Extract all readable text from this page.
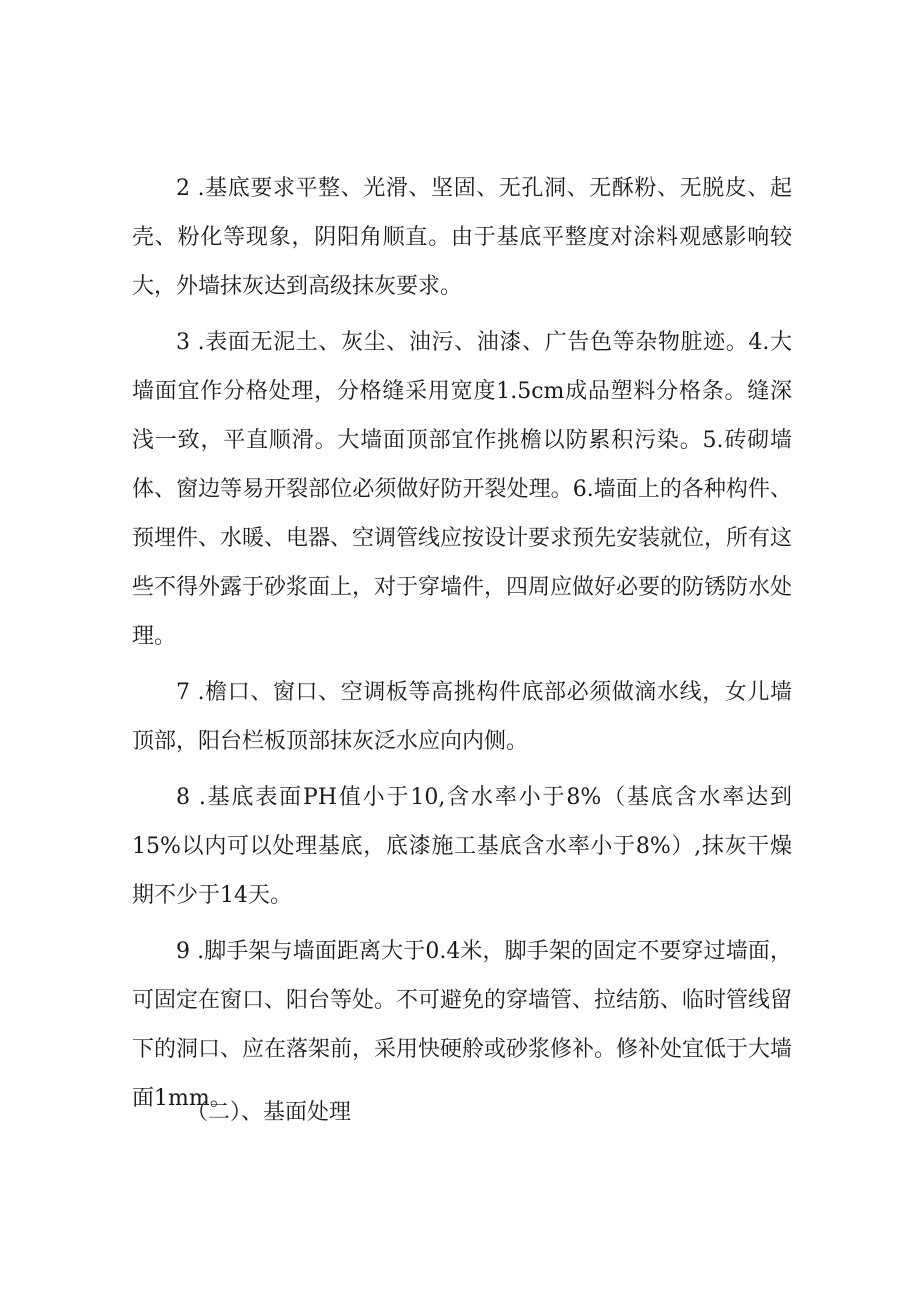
2 .基底要求平整、光滑、坚固、无孔洞、无酥粉、无脱皮、起壳、粉化等现象，阴阳角顺直。由于基底平整度对涂料观感影响较大，外墙抹灰达到高级抹灰要求。

3 .表面无泥土、灰尘、油污、油漆、广告色等杂物脏迹。4.大墙面宜作分格处理，分格缝采用宽度1.5cm成品塑料分格条。缝深浅一致，平直顺滑。大墙面顶部宜作挑檐以防累积污染。5.砖砌墙体、窗边等易开裂部位必须做好防开裂处理。6.墙面上的各种构件、预埋件、水暖、电器、空调管线应按设计要求预先安装就位，所有这些不得外露于砂浆面上，对于穿墙件，四周应做好必要的防锈防水处理。

7 .檐口、窗口、空调板等高挑构件底部必须做滴水线，女儿墙顶部，阳台栏板顶部抹灰泛水应向内侧。

8 .基底表面PH值小于10,含水率小于8%（基底含水率达到15%以内可以处理基底，底漆施工基底含水率小于8%）,抹灰干燥期不少于14天。

9 .脚手架与墙面距离大于0.4米，脚手架的固定不要穿过墙面，可固定在窗口、阳台等处。不可避免的穿墙管、拉结筋、临时管线留下的洞口、应在落架前，采用快硬舲或砂浆修补。修补处宜低于大墙面1mm。

（二）、基面处理
